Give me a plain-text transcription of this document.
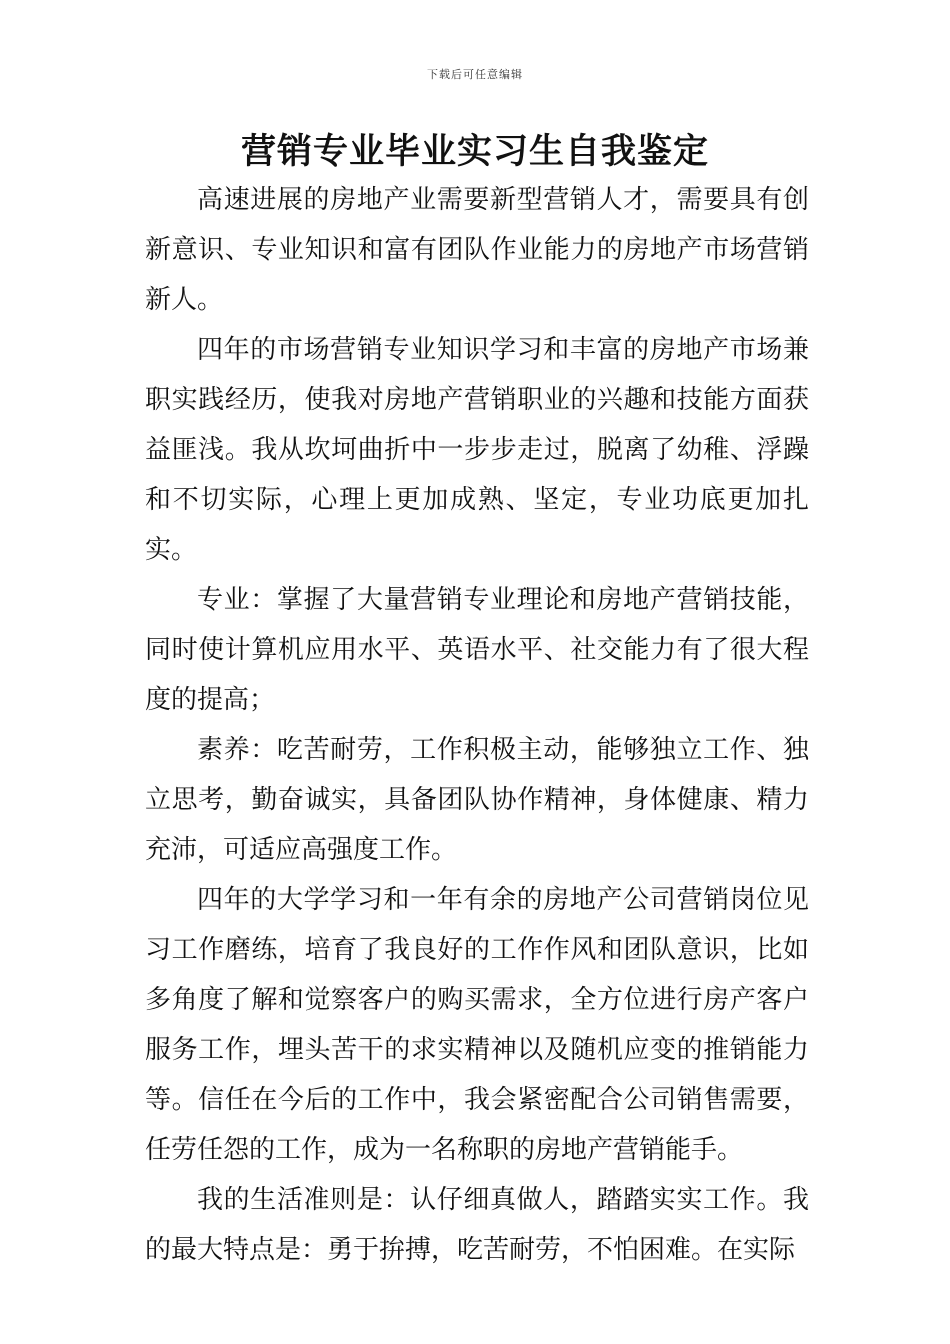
下载后可任意编辑
营销专业毕业实习生自我鉴定

高速进展的房地产业需要新型营销人才，需要具有创新意识、专业知识和富有团队作业能力的房地产市场营销新人。

四年的市场营销专业知识学习和丰富的房地产市场兼职实践经历，使我对房地产营销职业的兴趣和技能方面获益匪浅。我从坎坷曲折中一步步走过，脱离了幼稚、浮躁和不切实际，心理上更加成熟、坚定，专业功底更加扎实。

专业：掌握了大量营销专业理论和房地产营销技能，同时使计算机应用水平、英语水平、社交能力有了很大程度的提高；

素养：吃苦耐劳，工作积极主动，能够独立工作、独立思考，勤奋诚实，具备团队协作精神，身体健康、精力充沛，可适应高强度工作。

四年的大学学习和一年有余的房地产公司营销岗位见习工作磨练，培育了我良好的工作作风和团队意识，比如多角度了解和觉察客户的购买需求，全方位进行房产客户服务工作，埋头苦干的求实精神以及随机应变的推销能力等。信任在今后的工作中，我会紧密配合公司销售需要，任劳任怨的工作，成为一名称职的房地产营销能手。

我的生活准则是：认仔细真做人，踏踏实实工作。我的最大特点是：勇于拚搏，吃苦耐劳，不怕困难。在实际
